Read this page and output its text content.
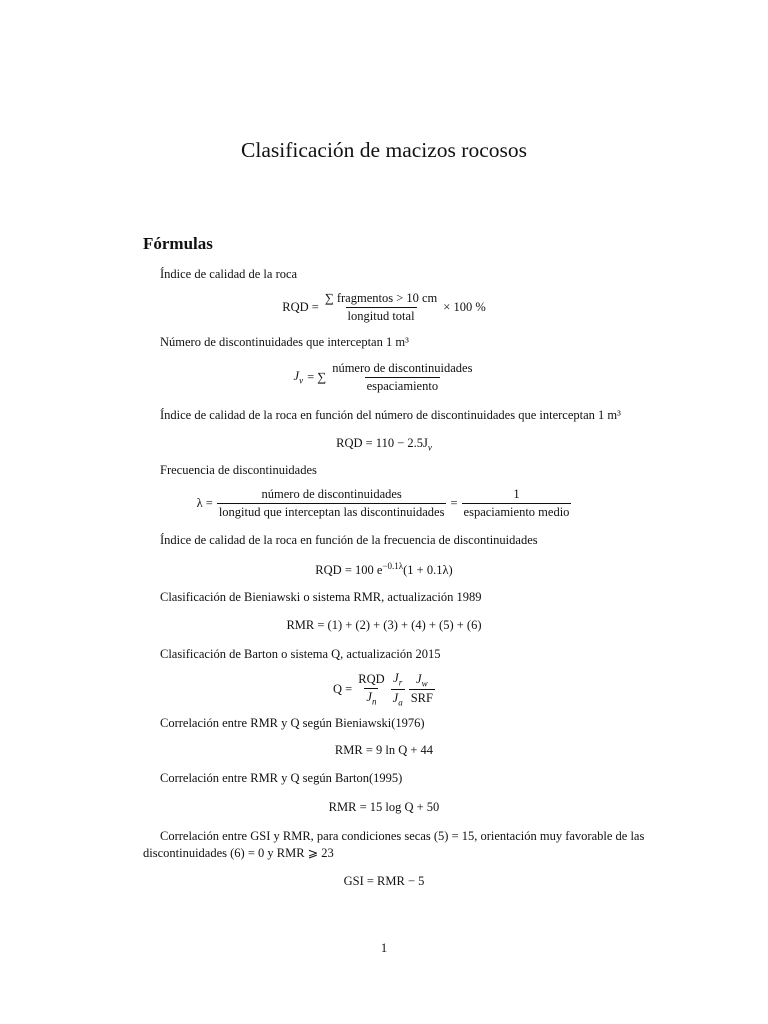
Clasificación de macizos rocosos
Fórmulas
Índice de calidad de la roca
RQD = $\frac{\text{∑ fragmentos > 10 cm}}{\text{longitud total}} \times 100$ %
Número de discontinuidades que interceptan 1 m³
$J_v$ = ∑ $\frac{\text{número de discontinuidades}}{\text{espaciamiento}}$
Índice de calidad de la roca en función del número de discontinuidades que interceptan 1 m³
RQD = $110 - 2.5J_v$
Frecuencia de discontinuidades
$\lambda = \frac{\text{número de discontinuidades}}{\text{longitud que interceptan las discontinuidades}} = \frac{1}{\text{espaciamiento medio}}$
Índice de calidad de la roca en función de la frecuencia de discontinuidades
RQD = 100 $e^{-0.1\lambda}(1 + 0.1\lambda)$
Clasificación de Bieniawski o sistema RMR, actualización 1989
RMR = (1) + (2) + (3) + (4) + (5) + (6)
Clasificación de Barton o sistema Q, actualización 2015
$Q = \frac{\text{RQD}}{J_n} \frac{J_r}{J_a} \frac{J_w}{\text{SRF}}$
Correlación entre RMR y Q según Bieniawski(1976)
RMR = 9 ln Q + 44
Correlación entre RMR y Q según Barton(1995)
RMR = 15 log Q + 50
Correlación entre GSI y RMR, para condiciones secas (5) = 15, orientación muy favorable de las discontinuidades (6) = 0 y RMR ⩾ 23
GSI = RMR − 5
1
